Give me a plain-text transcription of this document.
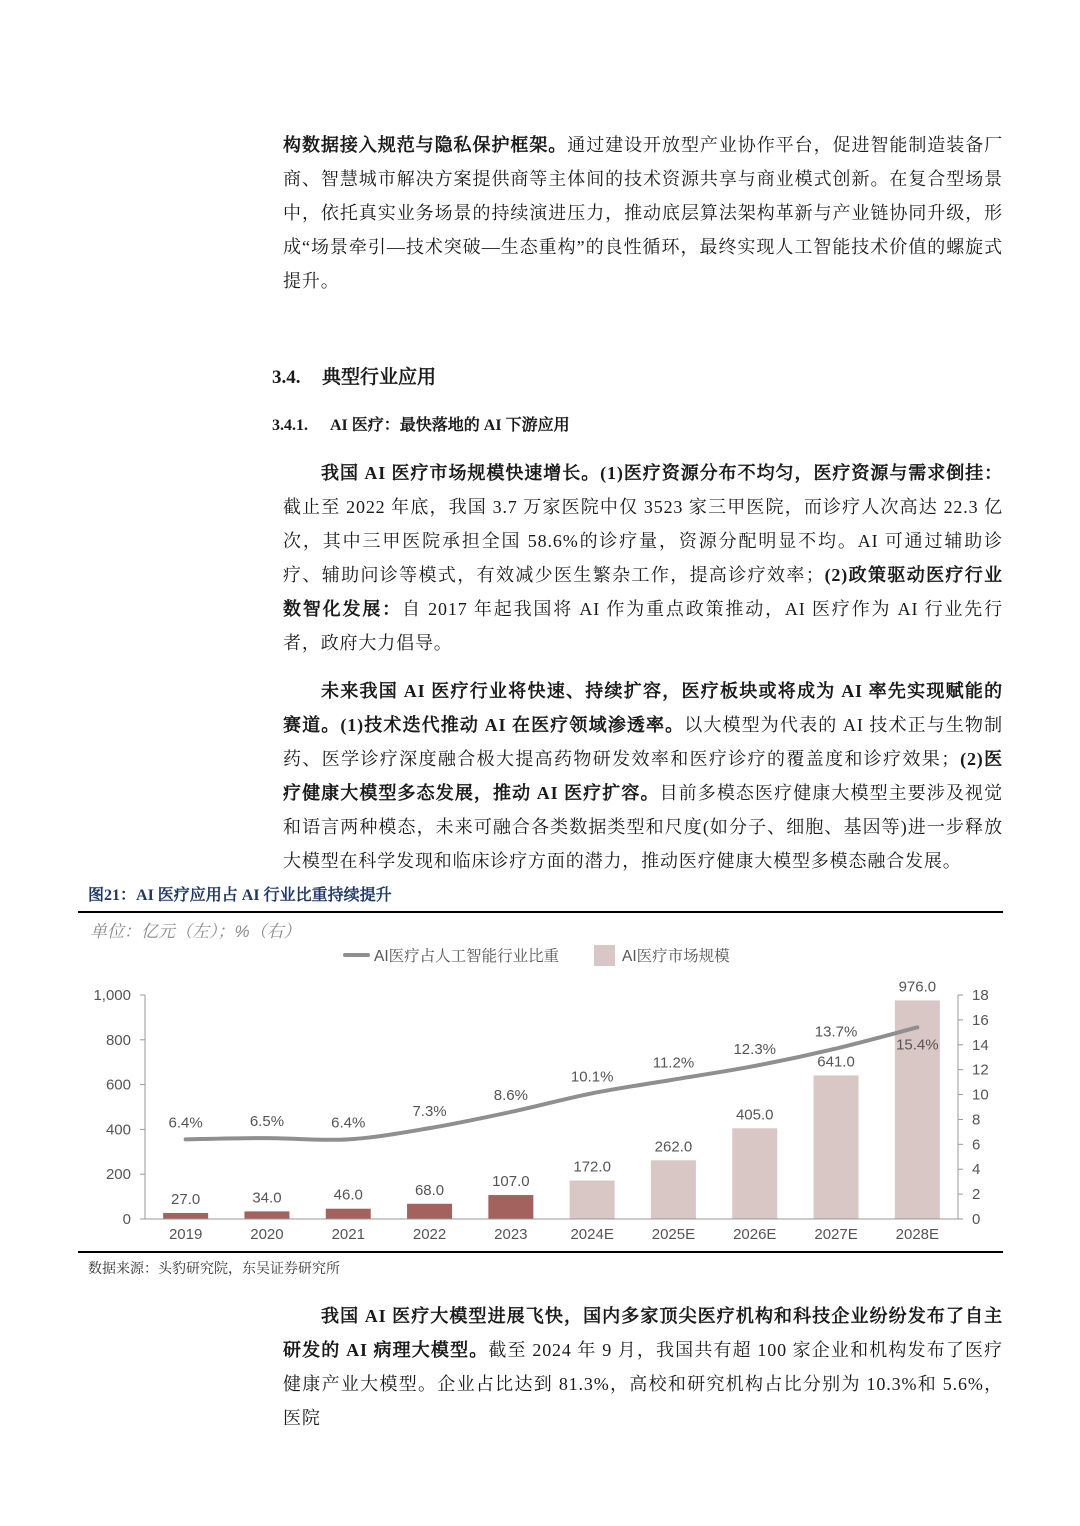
构数据接入规范与隐私保护框架。通过建设开放型产业协作平台，促进智能制造装备厂商、智慧城市解决方案提供商等主体间的技术资源共享与商业模式创新。在复合型场景中，依托真实业务场景的持续演进压力，推动底层算法架构革新与产业链协同升级，形成“场景牵引—技术突破—生态重构”的良性循环，最终实现人工智能技术价值的螺旋式提升。

3.4. 典型行业应用
3.4.1. AI 医疗：最快落地的 AI 下游应用

我国 AI 医疗市场规模快速增长。(1)医疗资源分布不均匀，医疗资源与需求倒挂：截止至 2022 年底，我国 3.7 万家医院中仅 3523 家三甲医院，而诊疗人次高达 22.3 亿次，其中三甲医院承担全国 58.6%的诊疗量，资源分配明显不均。AI 可通过辅助诊疗、辅助问诊等模式，有效减少医生繁杂工作，提高诊疗效率；(2)政策驱动医疗行业数智化发展：自 2017 年起我国将 AI 作为重点政策推动，AI 医疗作为 AI 行业先行者，政府大力倡导。

未来我国 AI 医疗行业将快速、持续扩容，医疗板块或将成为 AI 率先实现赋能的赛道。(1)技术迭代推动 AI 在医疗领域渗透率。以大模型为代表的 AI 技术正与生物制药、医学诊疗深度融合极大提高药物研发效率和医疗诊疗的覆盖度和诊疗效果；(2)医疗健康大模型多态发展，推动 AI 医疗扩容。目前多模态医疗健康大模型主要涉及视觉和语言两种模态，未来可融合各类数据类型和尺度(如分子、细胞、基因等)进一步释放大模型在科学发现和临床诊疗方面的潜力，推动医疗健康大模型多模态融合发展。

图21：AI 医疗应用占 AI 行业比重持续提升
单位：亿元（左）；%（右）
AI医疗占人工智能行业比重	AI医疗市场规模
0
200
400
600
800
1,000
0
2
4
6
8
10
12
14
16
18
27.0	34.0	46.0	68.0
107.0
172.0
262.0
405.0
641.0
976.0
6.4%	6.5%	6.4%
7.3%
8.6%
10.1%
11.2%
12.3%
13.7%
15.4%
2019	2020	2021	2022	2023	2024E	2025E	2026E	2027E	2028E
数据来源：头豹研究院，东吴证券研究所

我国 AI 医疗大模型进展飞快，国内多家顶尖医疗机构和科技企业纷纷发布了自主研发的 AI 病理大模型。截至 2024 年 9 月，我国共有超 100 家企业和机构发布了医疗健康产业大模型。企业占比达到 81.3%，高校和研究机构占比分别为 10.3%和 5.6%，医院
